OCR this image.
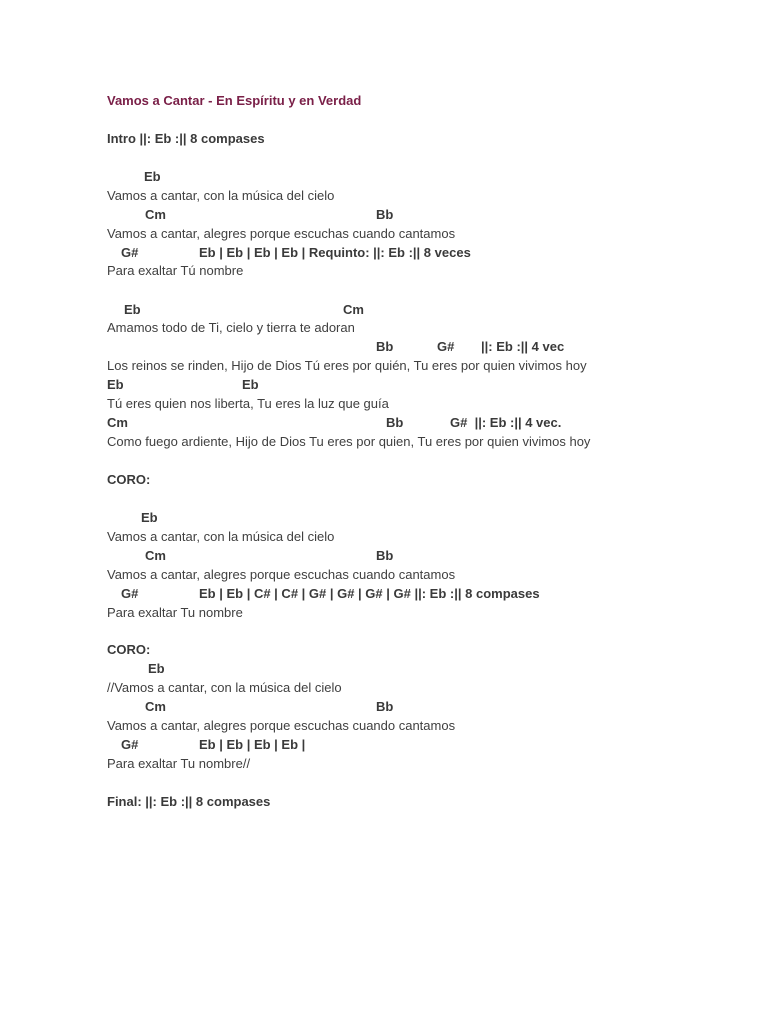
Vamos a Cantar - En Espíritu y en Verdad
Intro ||: Eb :|| 8 compases
Eb
Vamos a cantar, con la música del cielo
Cm	Bb
Vamos a cantar, alegres porque escuchas cuando cantamos
G#	Eb | Eb | Eb | Eb | Requinto: ||: Eb :|| 8 veces
Para exaltar Tú nombre
Eb	Cm
Amamos todo de Ti, cielo y tierra te adoran
Bb	G# ||: Eb :|| 4 vec
Los reinos se rinden, Hijo de Dios Tú eres por quién, Tu eres por quien vivimos hoy
Eb	Eb
Tú eres quien nos liberta, Tu eres la luz que guía
Cm	Bb	G#  ||: Eb :|| 4 vec.
Como fuego ardiente, Hijo de Dios Tu eres por quien, Tu eres por quien vivimos hoy
CORO:
Eb
Vamos a cantar, con la música del cielo
Cm	Bb
Vamos a cantar, alegres porque escuchas cuando cantamos
G#	Eb | Eb | C# | C# | G# | G# | G# | G# ||: Eb :|| 8 compases
Para exaltar Tu nombre
CORO:
Eb
//Vamos a cantar, con la música del cielo
Cm	Bb
Vamos a cantar, alegres porque escuchas cuando cantamos
G#	Eb | Eb | Eb | Eb |
Para exaltar Tu nombre//
Final: ||: Eb :|| 8 compases
